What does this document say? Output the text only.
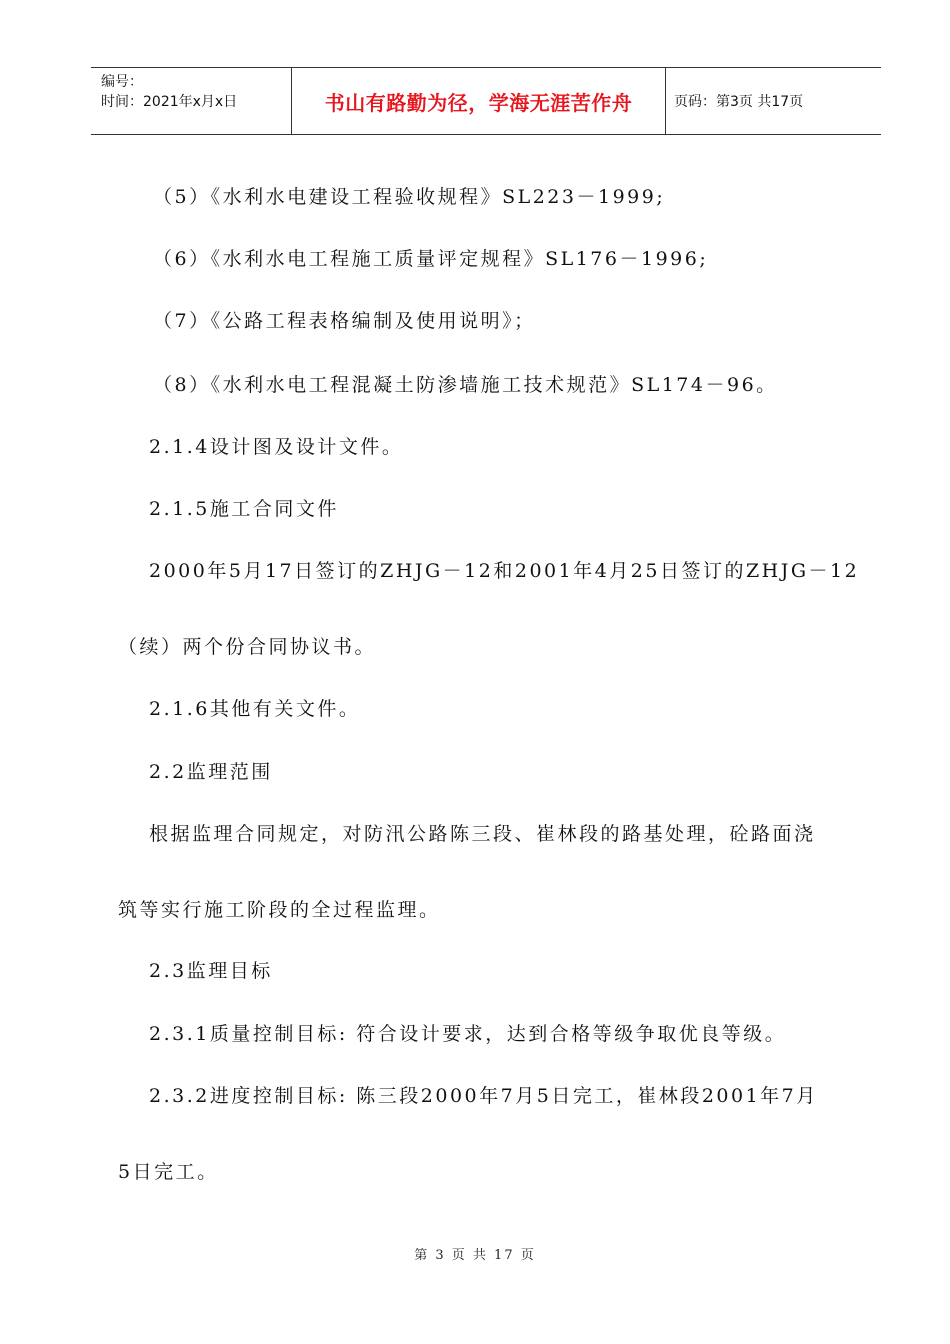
编号：
时间：2021年x月x日	书山有路勤为径，学海无涯苦作舟	页码：第3页 共17页
（5）《水利水电建设工程验收规程》SL223－1999;
（6）《水利水电工程施工质量评定规程》SL176－1996;
（7）《公路工程表格编制及使用说明》；
（8）《水利水电工程混凝土防渗墙施工技术规范》SL174－96。
2.1.4设计图及设计文件。
2.1.5施工合同文件
2000年5月17日签订的ZHJG－12和2001年4月25日签订的ZHJG－12
（续）两个份合同协议书。
2.1.6其他有关文件。
2.2监理范围
根据监理合同规定，对防汛公路陈三段、崔林段的路基处理，砼路面浇
筑等实行施工阶段的全过程监理。
2.3监理目标
2.3.1质量控制目标: 符合设计要求，达到合格等级争取优良等级。
2.3.2进度控制目标: 陈三段2000年7月5日完工，崔林段2001年7月
5日完工。
第 3 页 共 17 页
